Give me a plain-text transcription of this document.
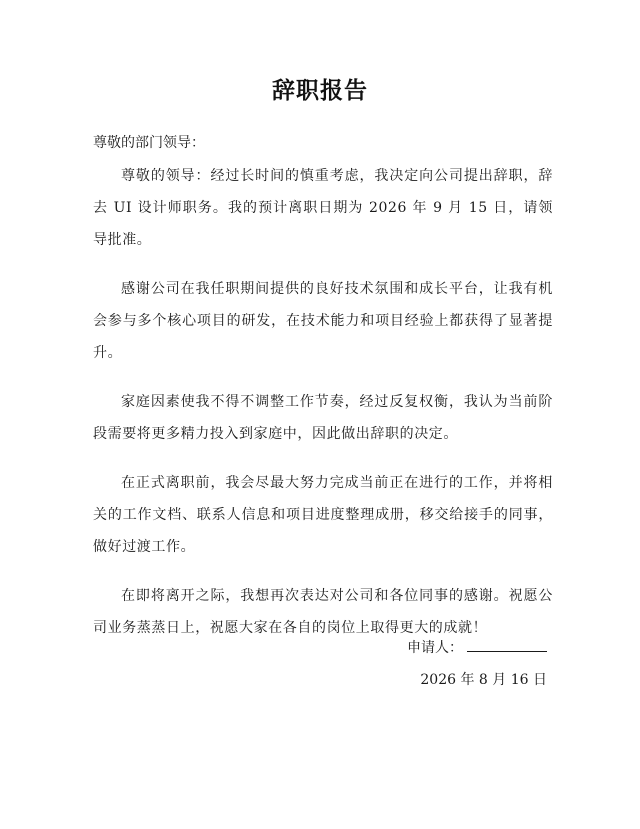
辞职报告
尊敬的部门领导：

尊敬的领导：经过长时间的慎重考虑，我决定向公司提出辞职，辞去 UI 设计师职务。我的预计离职日期为 2026 年 9 月 15 日，请领导批准。

感谢公司在我任职期间提供的良好技术氛围和成长平台，让我有机会参与多个核心项目的研发，在技术能力和项目经验上都获得了显著提升。

家庭因素使我不得不调整工作节奏，经过反复权衡，我认为当前阶段需要将更多精力投入到家庭中，因此做出辞职的决定。

在正式离职前，我会尽最大努力完成当前正在进行的工作，并将相关的工作文档、联系人信息和项目进度整理成册，移交给接手的同事，做好过渡工作。

在即将离开之际，我想再次表达对公司和各位同事的感谢。祝愿公司业务蒸蒸日上，祝愿大家在各自的岗位上取得更大的成就！

申请人：
2026 年 8 月 16 日
